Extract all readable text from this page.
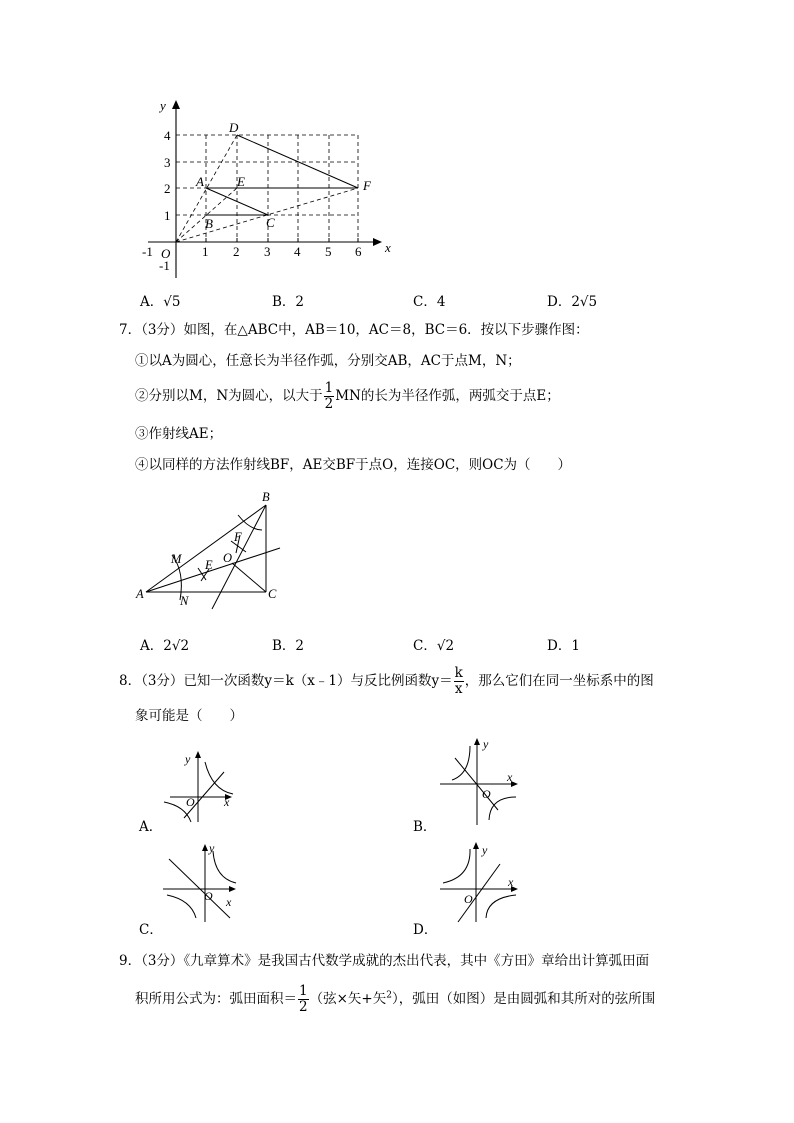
x
y
O
-1	1 2 3 4 5 6
4
3
2
1
-1
D
A	E	F
B	C
A．√5	B．2	C．4	D．2√5
7．（3分）如图，在△ABC中，AB＝10，AC＝8，BC＝6．按以下步骤作图：
①以A为圆心，任意长为半径作弧，分别交AB，AC于点M，N；
②分别以M，N为圆心，以大于 $\frac{1}{2}$ MN的长为半径作弧，两弧交于点E；
③作射线AE；
④以同样的方法作射线BF，AE交BF于点O，连接OC，则OC为（　　）
B
F
M	O
E
A	N	C
A．2√2	B．2	C．√2	D．1
8．（3分）已知一次函数y＝k（x﹣1）与反比例函数$y= \frac{k}{x}$ ，那么它们在同一坐标系中的图
象可能是（　　）
y
x
O
A．
y
x
O
B．
y
x
O
C．
y
x
O
D．
9．（3分）《九章算术》是我国古代数学成就的杰出代表，其中《方田》章给出计算弧田面
积所用公式为：弧田面积＝ $\frac{1}{2}$ （弦×矢+矢$^2$），弧田（如图）是由圆弧和其所对的弦所围
